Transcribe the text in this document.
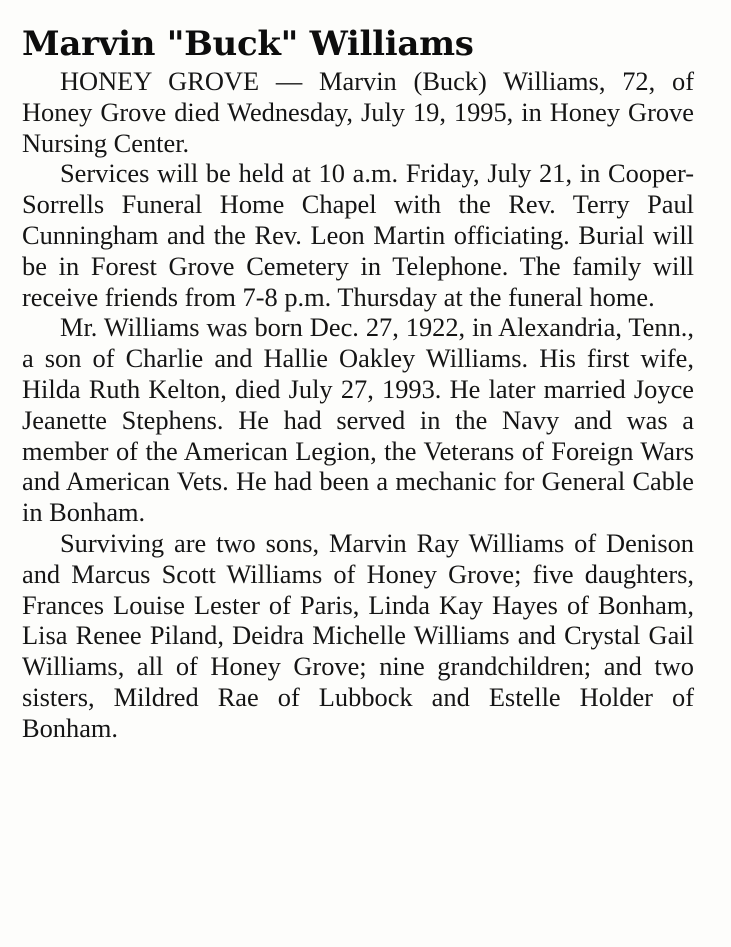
Marvin "Buck" Williams

HONEY GROVE — Marvin (Buck) Williams, 72, of Honey Grove died Wednesday, July 19, 1995, in Honey Grove Nursing Center.

Services will be held at 10 a.m. Friday, July 21, in Cooper-Sorrells Funeral Home Chapel with the Rev. Terry Paul Cunningham and the Rev. Leon Martin officiating. Burial will be in Forest Grove Cemetery in Telephone. The family will receive friends from 7-8 p.m. Thursday at the funeral home.

Mr. Williams was born Dec. 27, 1922, in Alexandria, Tenn., a son of Charlie and Hallie Oakley Williams. His first wife, Hilda Ruth Kelton, died July 27, 1993. He later married Joyce Jeanette Stephens. He had served in the Navy and was a member of the American Legion, the Veterans of Foreign Wars and American Vets. He had been a mechanic for General Cable in Bonham.

Surviving are two sons, Marvin Ray Williams of Denison and Marcus Scott Williams of Honey Grove; five daughters, Frances Louise Lester of Paris, Linda Kay Hayes of Bonham, Lisa Renee Piland, Deidra Michelle Williams and Crystal Gail Williams, all of Honey Grove; nine grandchildren; and two sisters, Mildred Rae of Lubbock and Estelle Holder of Bonham.
